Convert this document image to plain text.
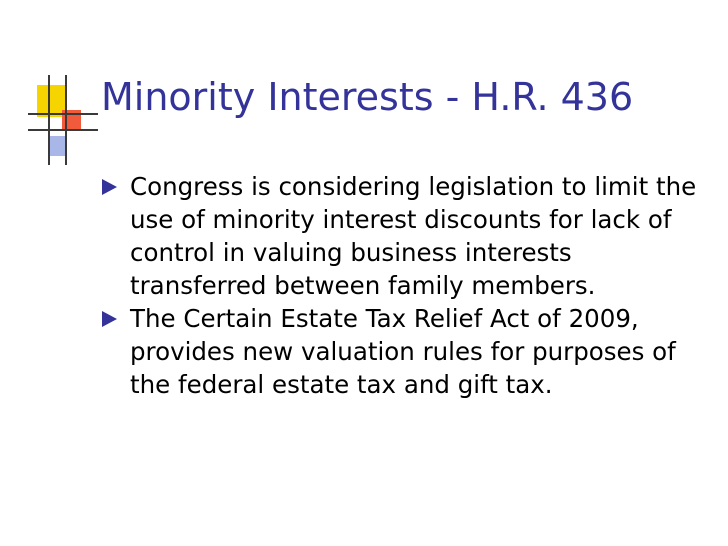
Minority Interests - H.R. 436
Congress is considering legislation to limit the use of minority interest discounts for lack of control in valuing business interests transferred between family members.
The Certain Estate Tax Relief Act of 2009, provides new valuation rules for purposes of the federal estate tax and gift tax.
